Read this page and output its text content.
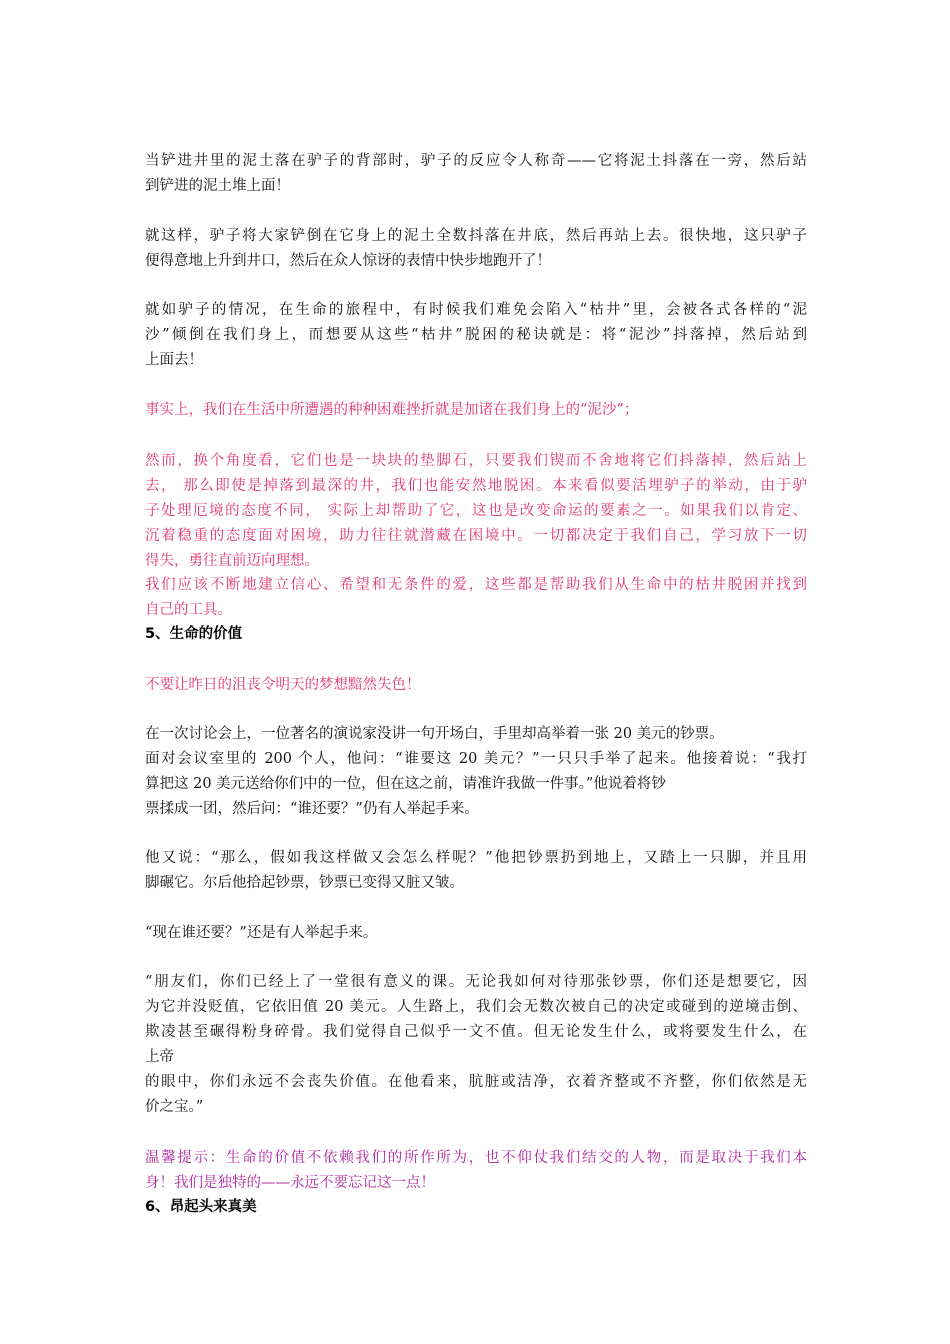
当铲进井里的泥土落在驴子的背部时，驴子的反应令人称奇——它将泥土抖落在一旁，然后站
到铲进的泥土堆上面！
就这样，驴子将大家铲倒在它身上的泥土全数抖落在井底，然后再站上去。很快地，这只驴子
便得意地上升到井口，然后在众人惊讶的表情中快步地跑开了！
就如驴子的情况，在生命的旅程中，有时候我们难免会陷入“枯井”里，会被各式各样的“泥
沙”倾倒在我们身上，而想要从这些“枯井”脱困的秘诀就是：将“泥沙”抖落掉，然后站到
上面去！
事实上，我们在生活中所遭遇的种种困难挫折就是加诸在我们身上的“泥沙”；
然而，换个角度看，它们也是一块块的垫脚石，只要我们锲而不舍地将它们抖落掉，然后站上
去， 那么即使是掉落到最深的井，我们也能安然地脱困。本来看似要活埋驴子的举动，由于驴
子处理厄境的态度不同， 实际上却帮助了它，这也是改变命运的要素之一。如果我们以肯定、
沉着稳重的态度面对困境，助力往往就潜藏在困境中。一切都决定于我们自己，学习放下一切
得失，勇往直前迈向理想。
我们应该不断地建立信心、希望和无条件的爱，这些都是帮助我们从生命中的枯井脱困并找到
自己的工具。
5、生命的价值
不要让昨日的沮丧令明天的梦想黯然失色！
在一次讨论会上，一位著名的演说家没讲一句开场白，手里却高举着一张 20 美元的钞票。
面对会议室里的 200 个人，他问：“谁要这 20 美元？”一只只手举了起来。他接着说：“我打
算把这 20 美元送给你们中的一位，但在这之前，请准许我做一件事。”他说着将钞
票揉成一团，然后问：“谁还要？”仍有人举起手来。
他又说：“那么，假如我这样做又会怎么样呢？”他把钞票扔到地上，又踏上一只脚，并且用
脚碾它。尔后他拾起钞票，钞票已变得又脏又皱。
“现在谁还要？”还是有人举起手来。
“朋友们，你们已经上了一堂很有意义的课。无论我如何对待那张钞票，你们还是想要它，因
为它并没贬值，它依旧值 20 美元。人生路上，我们会无数次被自己的决定或碰到的逆境击倒、
欺凌甚至碾得粉身碎骨。我们觉得自己似乎一文不值。但无论发生什么，或将要发生什么，在
上帝
的眼中，你们永远不会丧失价值。在他看来，肮脏或洁净，衣着齐整或不齐整，你们依然是无
价之宝。”
温馨提示：生命的价值不依赖我们的所作所为，也不仰仗我们结交的人物，而是取决于我们本
身！我们是独特的——永远不要忘记这一点！
6、昂起头来真美
